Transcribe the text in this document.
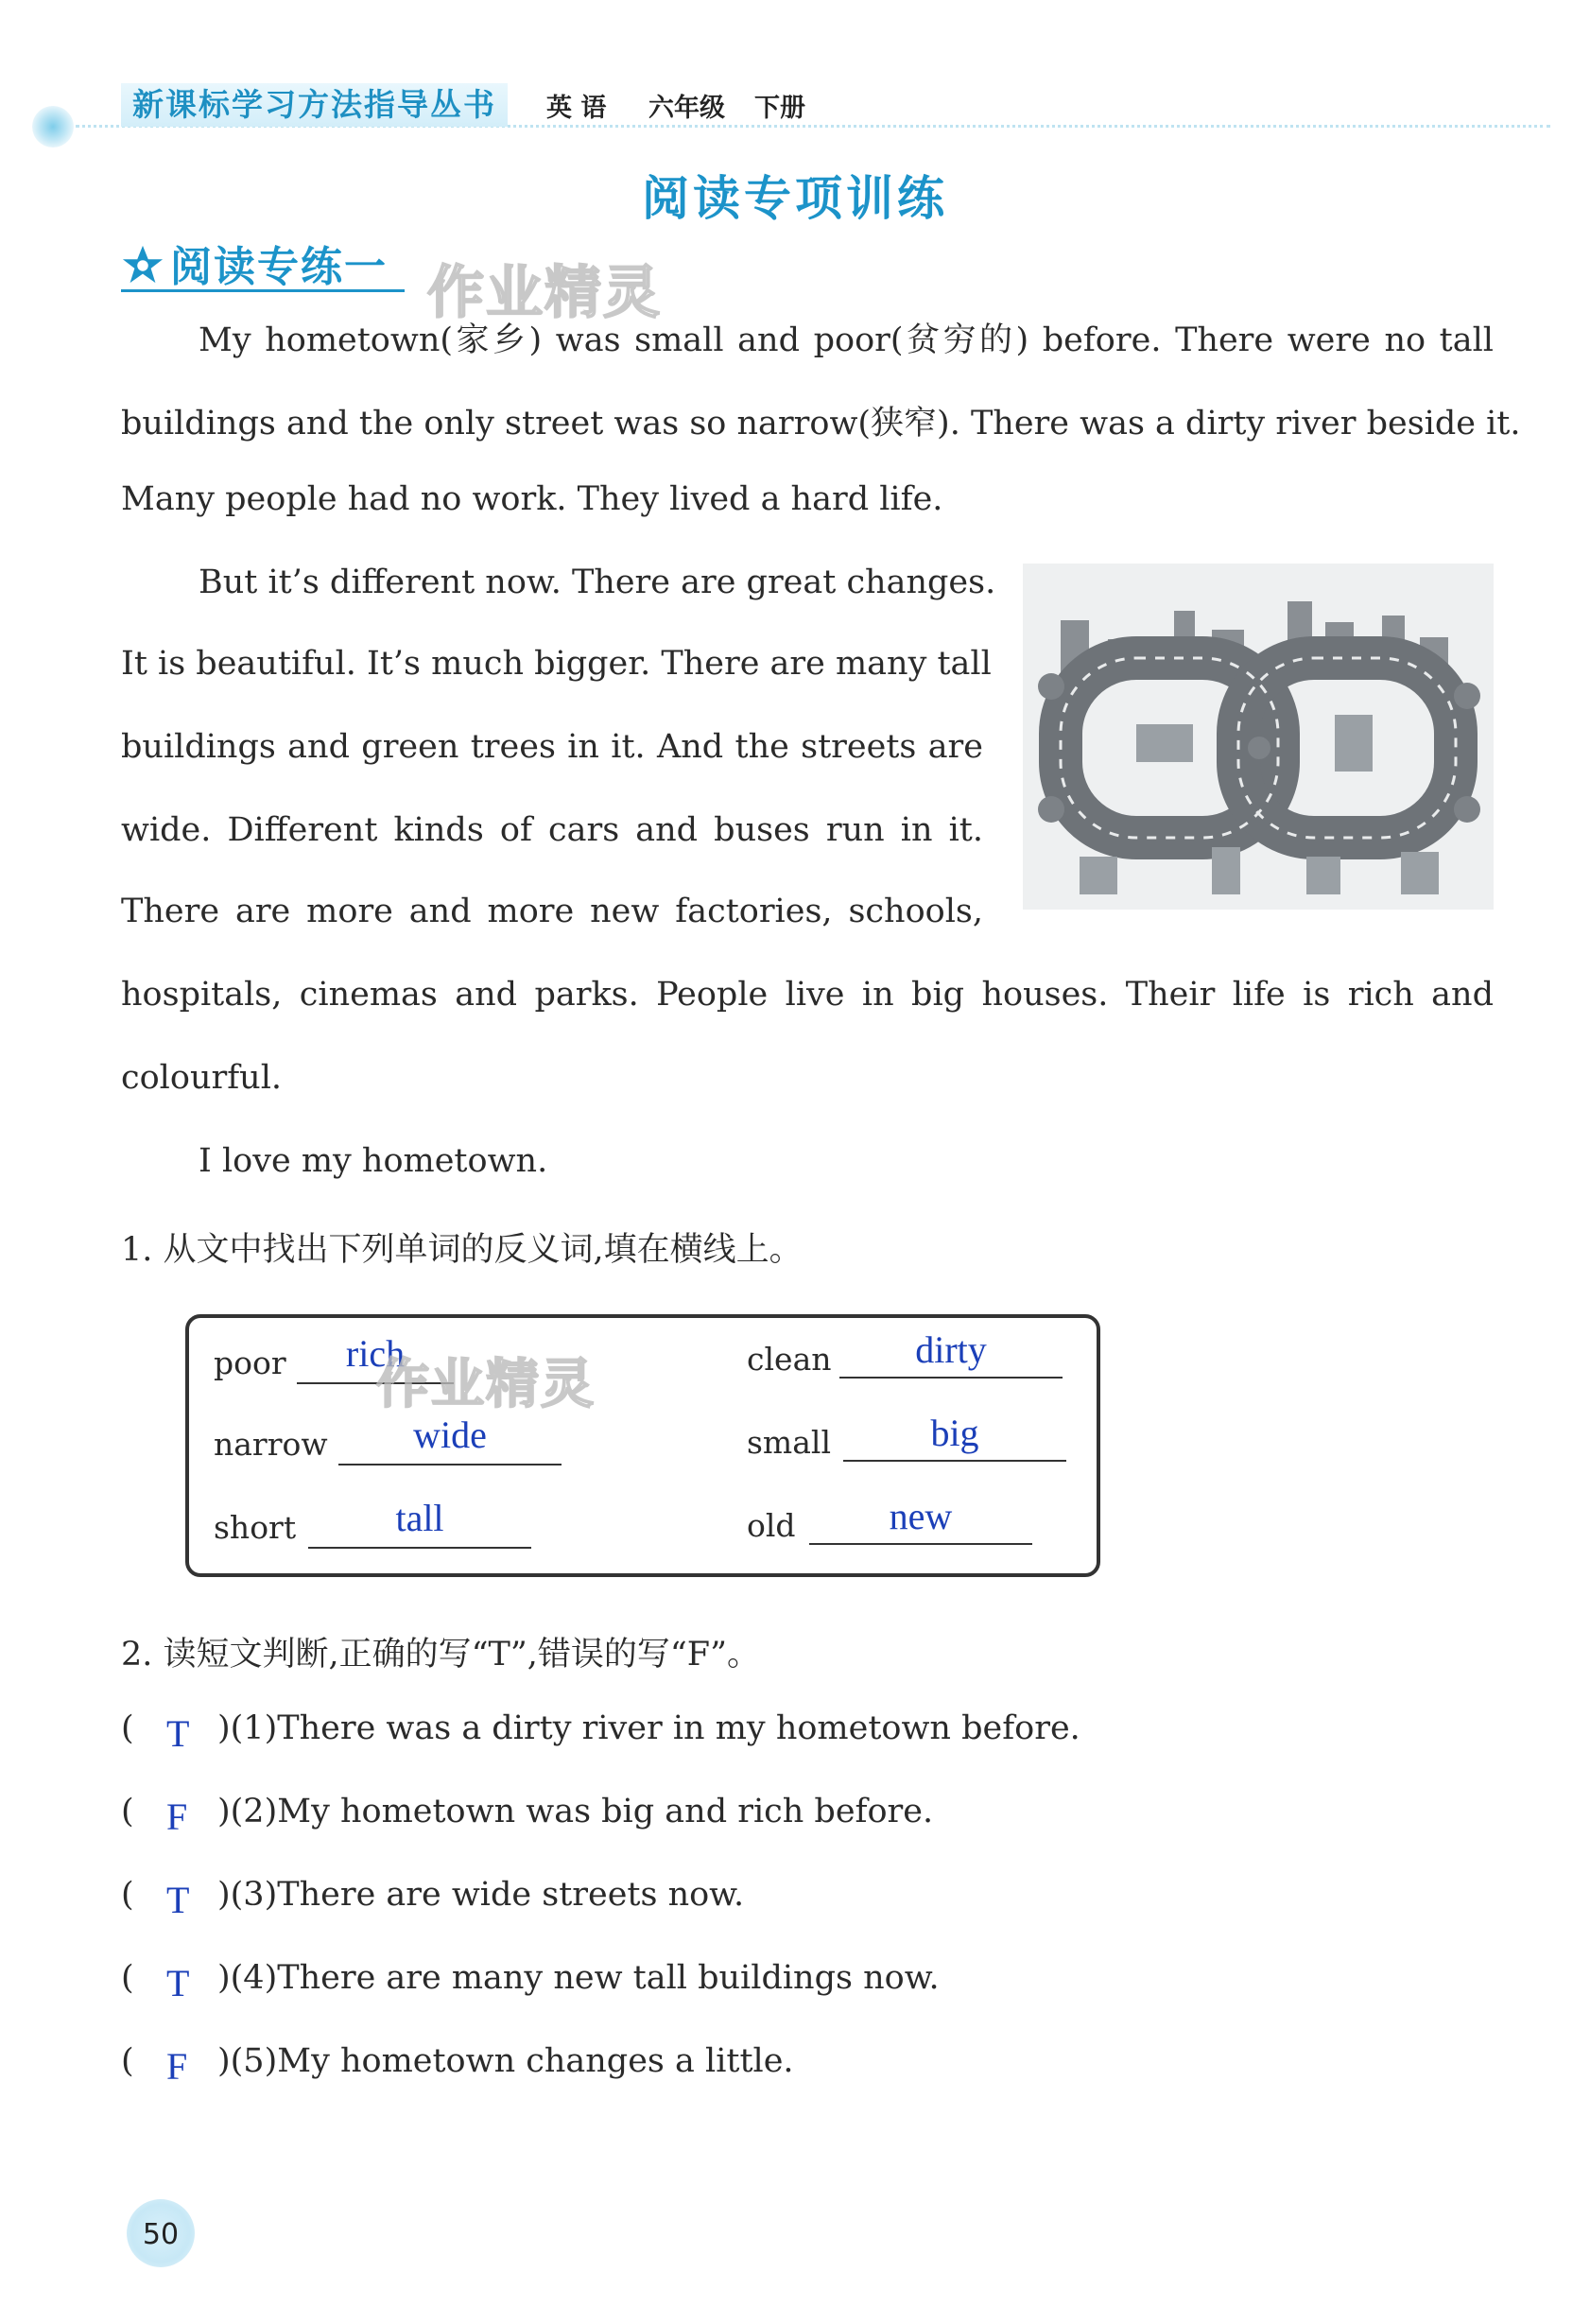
新课标学习方法指导丛书	英 语 六年级 下册
阅读专项训练
阅读专练一 作业精灵
My hometown(家乡) was small and poor(贫穷的) before. There were no tall
buildings and the only street was so narrow(狭窄). There was a dirty river beside it.
Many people had no work. They lived a hard life.
But it’s different now. There are great changes.
It is beautiful. It’s much bigger. There are many tall
buildings and green trees in it. And the streets are
wide. Different kinds of cars and buses run in it.
There are more and more new factories, schools,
hospitals, cinemas and parks. People live in big houses. Their life is rich and
colourful.
I love my hometown.
1. 从文中找出下列单词的反义词,填在横线上。
poor	rich	clean	dirty
narrow	wide	small	big
short	tall	old	new
作业精灵
2. 读短文判断,正确的写“T”,错误的写“F”。
( T )(1)There was a dirty river in my hometown before.
( F )(2)My hometown was big and rich before.
( T )(3)There are wide streets now.
( T )(4)There are many new tall buildings now.
( F )(5)My hometown changes a little.
50
